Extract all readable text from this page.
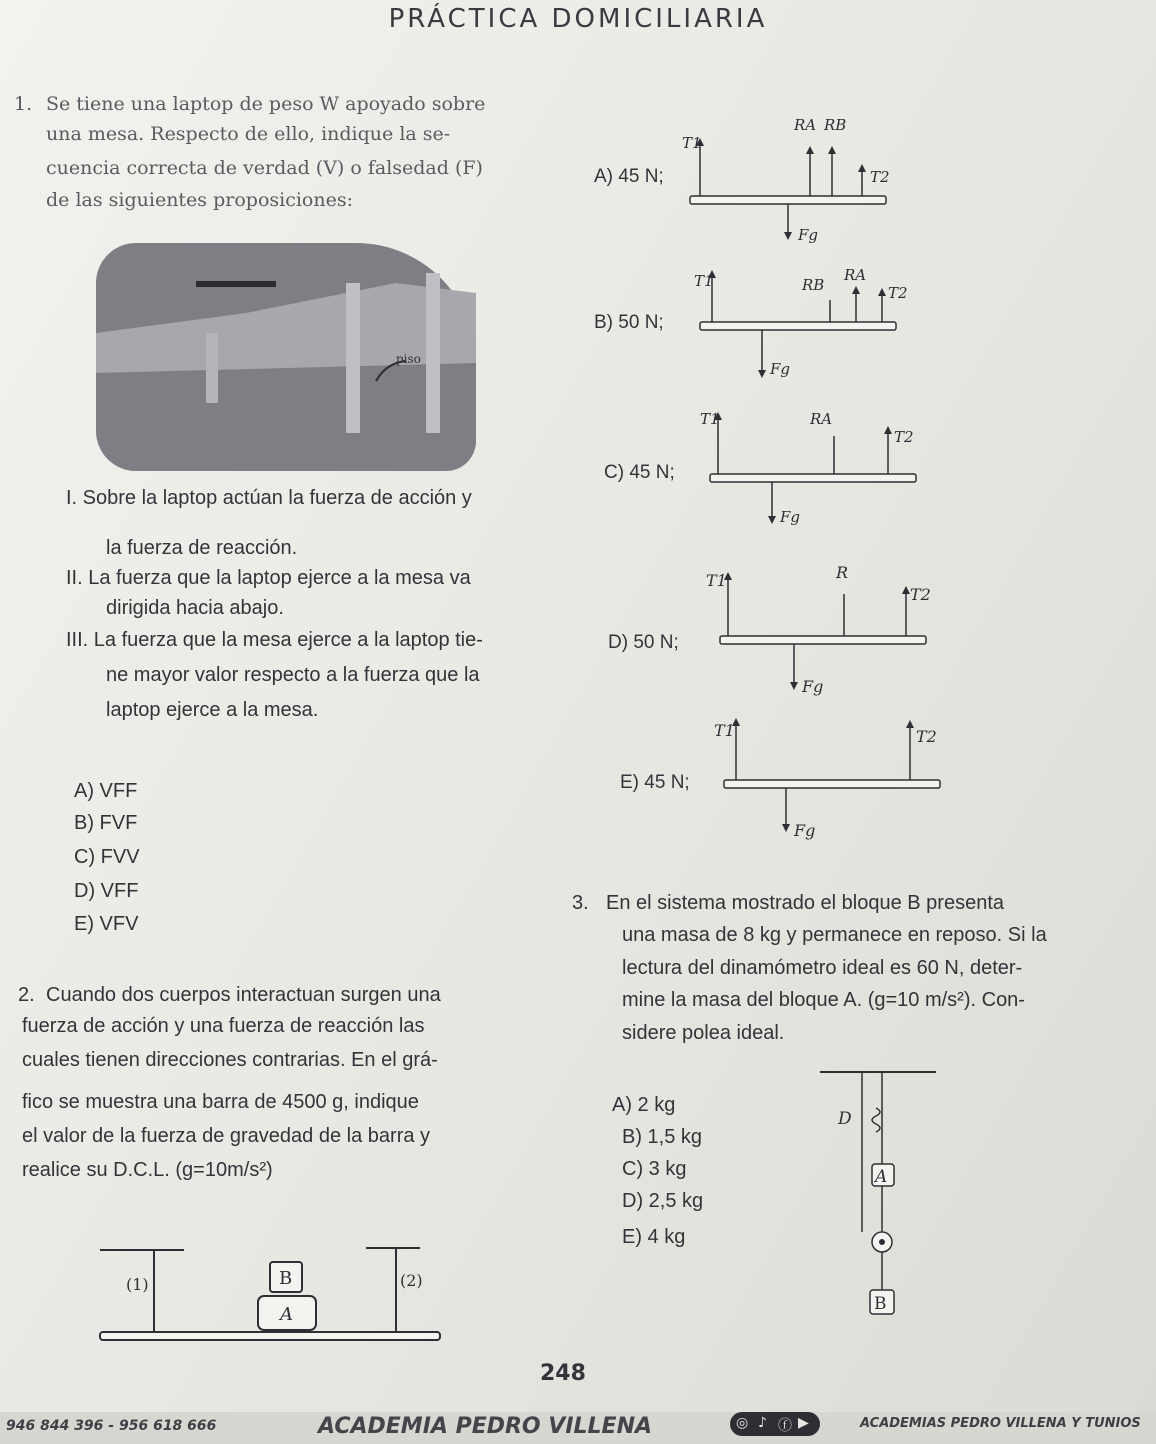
PRÁCTICA DOMICILIARIA
1. Se tiene una laptop de peso W apoyado sobre
una mesa. Respecto de ello, indique la se-
cuencia correcta de verdad (V) o falsedad (F)
de las siguientes proposiciones:
piso
I. Sobre la laptop actúan la fuerza de acción y
la fuerza de reacción.
II. La fuerza que la laptop ejerce a la mesa va
dirigida hacia abajo.
III. La fuerza que la mesa ejerce a la laptop tie-
ne mayor valor respecto a la fuerza que la
laptop ejerce a la mesa.
A) VFF
B) FVF
C) FVV
D) VFF
E) VFV
2. Cuando dos cuerpos interactuan surgen una
fuerza de acción y una fuerza de reacción las
cuales tienen direcciones contrarias. En el grá-
fico se muestra una barra de 4500 g, indique
el valor de la fuerza de gravedad de la barra y
realice su D.C.L. (g=10m/s²)
(1)	(2)
B
A
A) 45 N;
T1
RA RB
T2
Fg
B) 50 N;
T1	RB
RA
T2
Fg
C) 45 N;
T1	RA
T2
Fg
D) 50 N;
T1	R
T2
Fg
E) 45 N;
T1	T2
Fg
3. En el sistema mostrado el bloque B presenta
una masa de 8 kg y permanece en reposo. Si la
lectura del dinamómetro ideal es 60 N, deter-
mine la masa del bloque A. (g=10 m/s²). Con-
sidere polea ideal.
A) 2 kg
B) 1,5 kg
C) 3 kg
D) 2,5 kg
E) 4 kg
D
A
B
248
946 844 396 - 956 618 666	ACADEMIA PEDRO VILLENA	◎ ♪ ⓕ ▶	ACADEMIAS PEDRO VILLENA Y TUNIOS
